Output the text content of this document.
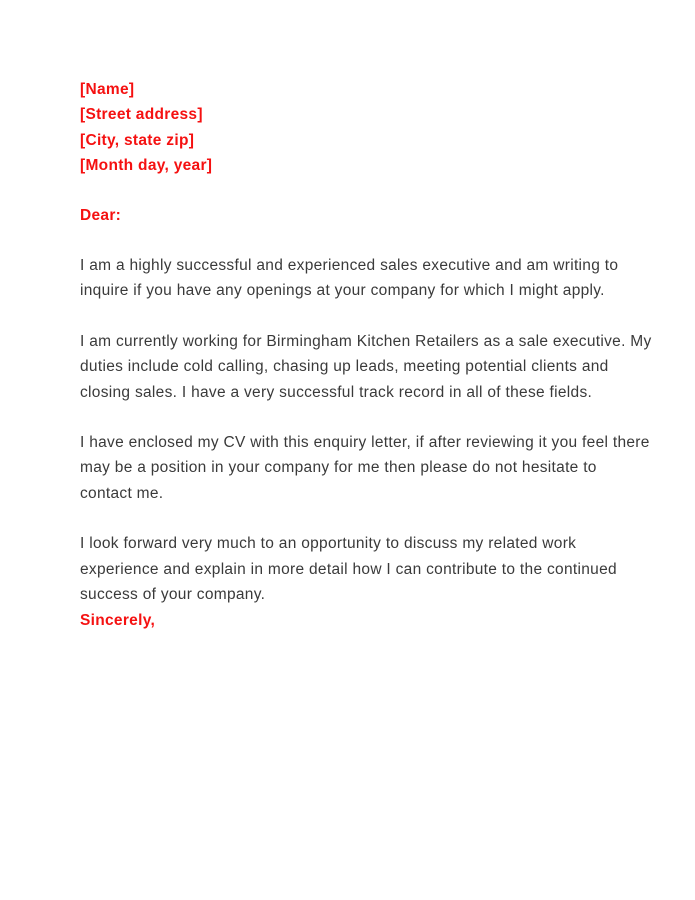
[Name]
[Street address]
[City, state zip]
[Month day, year]
Dear:
I am a highly successful and experienced sales executive and am writing to
inquire if you have any openings at your company for which I might apply.
I am currently working for Birmingham Kitchen Retailers as a sale executive. My
duties include cold calling, chasing up leads, meeting potential clients and
closing sales. I have a very successful track record in all of these fields.
I have enclosed my CV with this enquiry letter, if after reviewing it you feel there
may be a position in your company for me then please do not hesitate to
contact me.
I look forward very much to an opportunity to discuss my related work
experience and explain in more detail how I can contribute to the continued
success of your company.
Sincerely,
